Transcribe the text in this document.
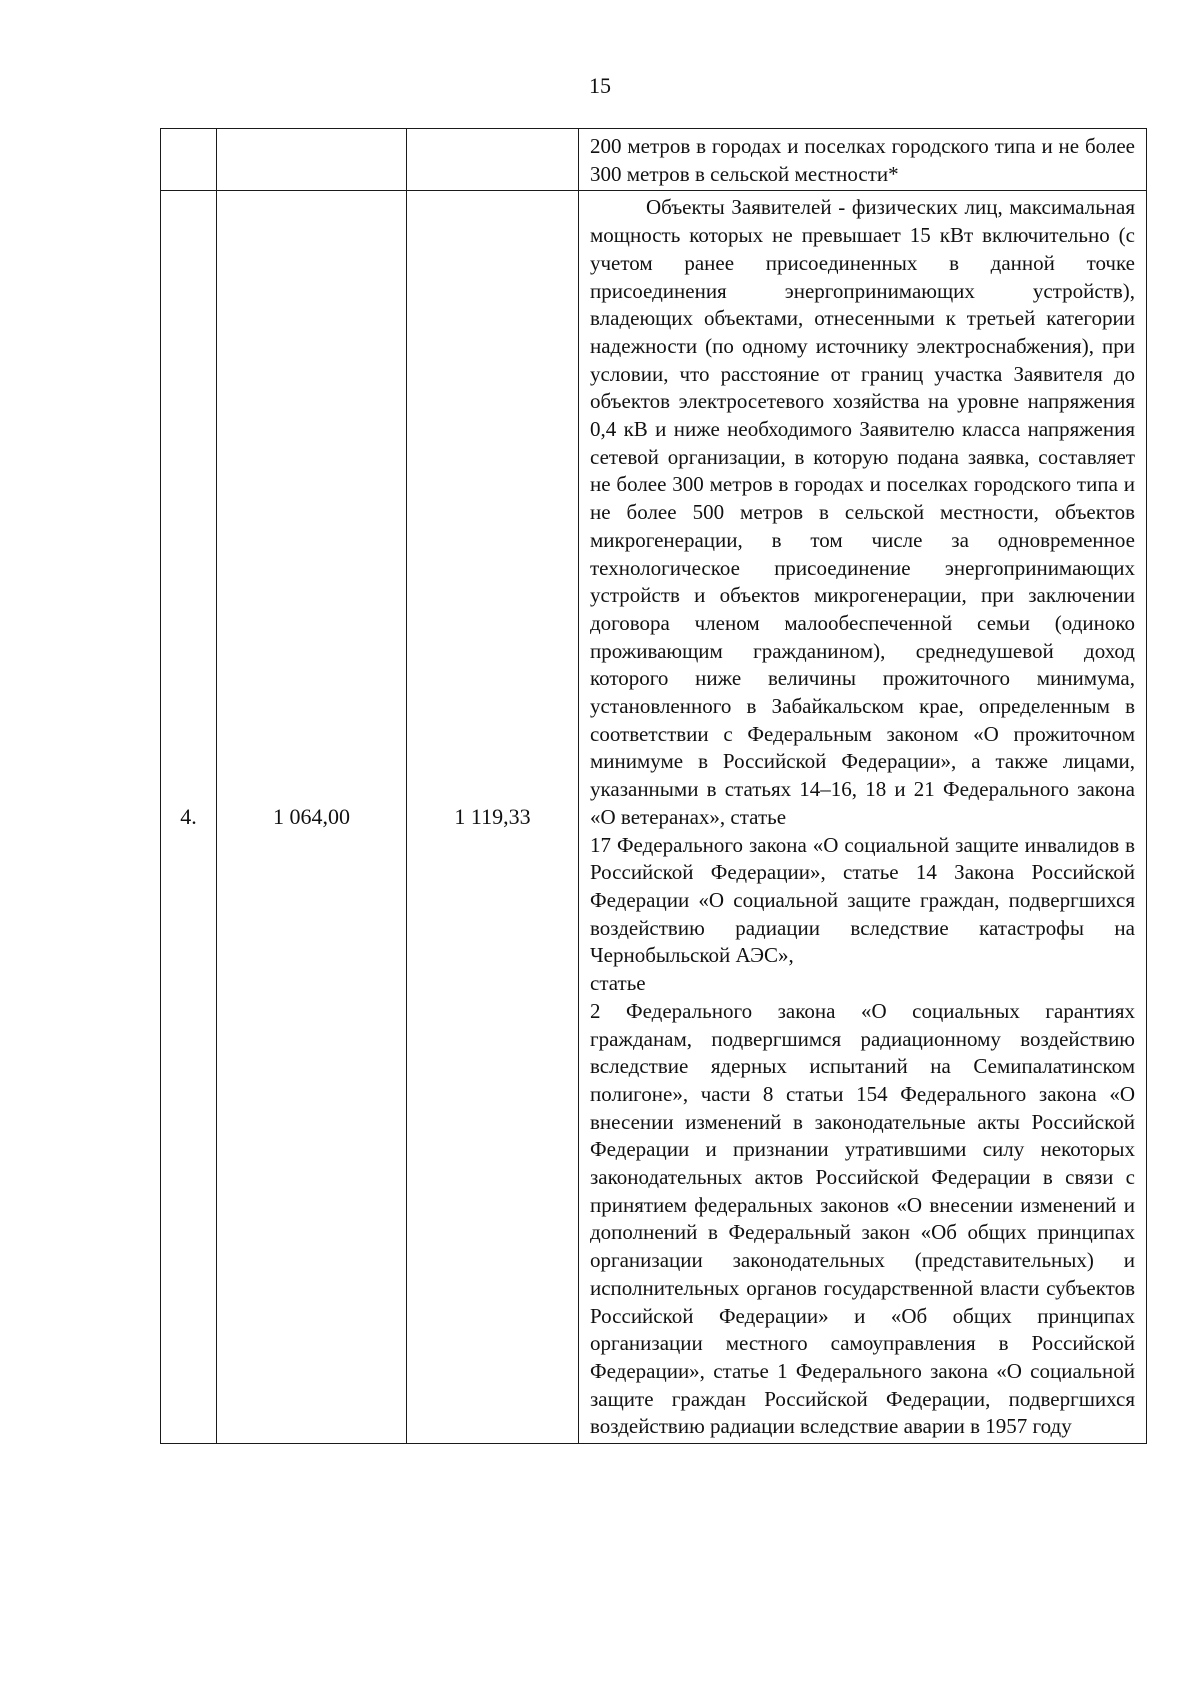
15

			200 метров в городах и поселках городского типа и не более 300 метров в сельской местности*

4.	1 064,00	1 119,33	Объекты Заявителей - физических лиц, максимальная мощность которых не превышает 15 кВт включительно (с учетом ранее присоединенных в данной точке присоединения энергопринимающих устройств), владеющих объектами, отнесенными к третьей категории надежности (по одному источнику электроснабжения), при условии, что расстояние от границ участка Заявителя до объектов электросетевого хозяйства на уровне напряжения 0,4 кВ и ниже необходимого Заявителю класса напряжения сетевой организации, в которую подана заявка, составляет не более 300 метров в городах и поселках городского типа и не более 500 метров в сельской местности, объектов микрогенерации, в том числе за одновременное технологическое присоединение энергопринимающих устройств и объектов микрогенерации, при заключении договора членом малообеспеченной семьи (одиноко проживающим гражданином), среднедушевой доход которого ниже величины прожиточного минимума, установленного в Забайкальском крае, определенным в соответствии с Федеральным законом «О прожиточном минимуме в Российской Федерации», а также лицами, указанными в статьях 14–16, 18 и 21 Федерального закона «О ветеранах», статье
17 Федерального закона «О социальной защите инвалидов в Российской Федерации», статье 14 Закона Российской Федерации «О социальной защите граждан, подвергшихся воздействию радиации вследствие катастрофы на Чернобыльской АЭС»,
статье
2 Федерального закона «О социальных гарантиях гражданам, подвергшимся радиационному воздействию вследствие ядерных испытаний на Семипалатинском полигоне», части 8 статьи 154 Федерального закона «О внесении изменений в законодательные акты Российской Федерации и признании утратившими силу некоторых законодательных актов Российской Федерации в связи с принятием федеральных законов «О внесении изменений и дополнений в Федеральный закон «Об общих принципах организации законодательных (представительных) и исполнительных органов государственной власти субъектов Российской Федерации» и «Об общих принципах организации местного самоуправления в Российской Федерации», статье 1 Федерального закона «О социальной защите граждан Российской Федерации, подвергшихся воздействию радиации вследствие аварии в 1957 году
